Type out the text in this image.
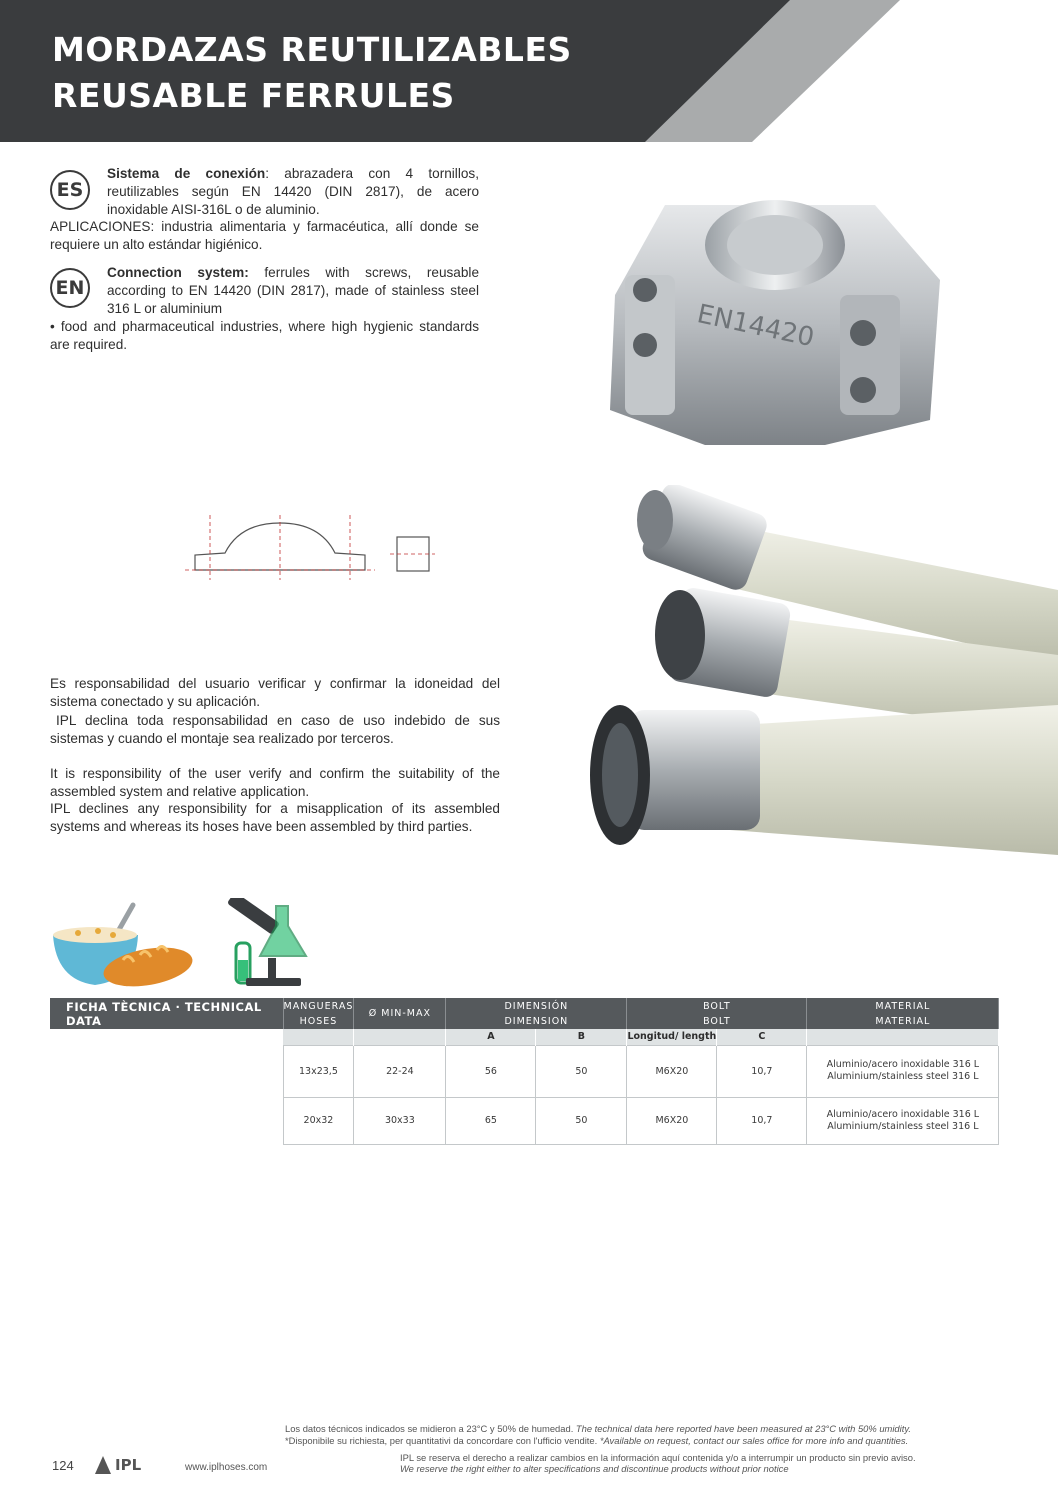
MORDAZAS REUTILIZABLES
REUSABLE FERRULES
ES
Sistema de conexión: abrazadera con 4 tornillos, reutilizables según EN 14420 (DIN 2817), de acero inoxidable AISI-316L o de aluminio.
APLICACIONES: industria alimentaria y farmacéutica, allí donde se requiere un alto estándar higiénico.
EN
Connection system: ferrules with screws, reusable according to EN 14420 (DIN 2817), made of stainless steel 316 L or aluminium
• food and pharmaceutical industries, where high hygienic standards are required.	EN14420
Es responsabilidad del usuario verificar y confirmar la idoneidad del sistema conectado y su aplicación.
IPL declina toda responsabilidad en caso de uso indebido de sus sistemas y cuando el montaje sea realizado por terceros.
It is responsibility of the user verify and confirm the suitability of the assembled system and relative application.
IPL declines any responsibility for a misapplication of its assembled systems and whereas its hoses have been assembled by third parties.
FICHA TÈCNICA · TECHNICAL DATA	MANGUERAS	Ø MIN-MAX	DIMENSIÓN		BOLT		MATERIAL
	HOSES		DIMENSION		BOLT		MATERIAL
			A	B	Longitud/ length	C	
	13x23,5	22-24	56	50	M6X20	10,7	Aluminio/acero inoxidable 316 L
Aluminium/stainless steel 316 L

	20x32	30x33	65	50	M6X20	10,7	Aluminio/acero inoxidable 316 L
Aluminium/stainless steel 316 L
Los datos técnicos indicados se midieron a 23°C y 50% de humedad. The technical data here reported have been measured at 23°C with 50% umidity.
*Disponibile su richiesta, per quantitativi da concordare con l'ufficio vendite. *Available on request, contact our sales office for more info and quantities.
IPL se reserva el derecho a realizar cambios en la información aquí contenida y/o a interrumpir un producto sin previo aviso.
We reserve the right either to alter specifications and discontinue products without prior notice
124	IPL	www.iplhoses.com
